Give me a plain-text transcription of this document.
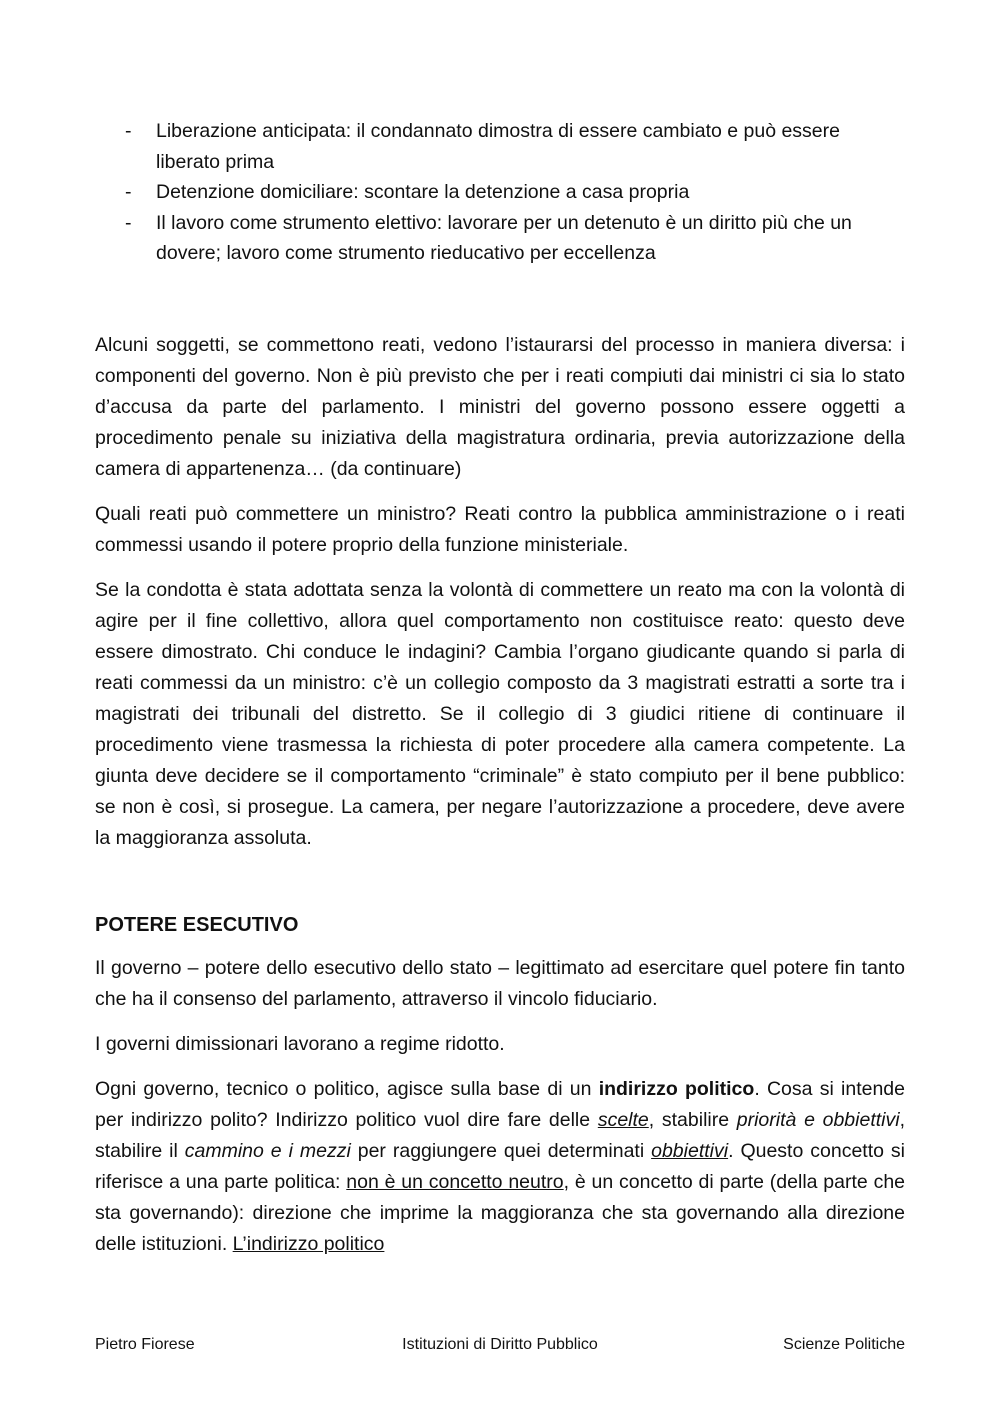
- Liberazione anticipata: il condannato dimostra di essere cambiato e può essere liberato prima
- Detenzione domiciliare: scontare la detenzione a casa propria
- Il lavoro come strumento elettivo: lavorare per un detenuto è un diritto più che un dovere; lavoro come strumento rieducativo per eccellenza

Alcuni soggetti, se commettono reati, vedono l’istaurarsi del processo in maniera diversa: i componenti del governo. Non è più previsto che per i reati compiuti dai ministri ci sia lo stato d’accusa da parte del parlamento. I ministri del governo possono essere oggetti a procedimento penale su iniziativa della magistratura ordinaria, previa autorizzazione della camera di appartenenza… (da continuare)

Quali reati può commettere un ministro? Reati contro la pubblica amministrazione o i reati commessi usando il potere proprio della funzione ministeriale.

Se la condotta è stata adottata senza la volontà di commettere un reato ma con la volontà di agire per il fine collettivo, allora quel comportamento non costituisce reato: questo deve essere dimostrato. Chi conduce le indagini? Cambia l’organo giudicante quando si parla di reati commessi da un ministro: c’è un collegio composto da 3 magistrati estratti a sorte tra i magistrati dei tribunali del distretto. Se il collegio di 3 giudici ritiene di continuare il procedimento viene trasmessa la richiesta di poter procedere alla camera competente. La giunta deve decidere se il comportamento “criminale” è stato compiuto per il bene pubblico: se non è così, si prosegue. La camera, per negare l’autorizzazione a procedere, deve avere la maggioranza assoluta.

POTERE ESECUTIVO

Il governo – potere dello esecutivo dello stato – legittimato ad esercitare quel potere fin tanto che ha il consenso del parlamento, attraverso il vincolo fiduciario.

I governi dimissionari lavorano a regime ridotto.

Ogni governo, tecnico o politico, agisce sulla base di un indirizzo politico. Cosa si intende per indirizzo polito? Indirizzo politico vuol dire fare delle scelte, stabilire priorità e obbiettivi, stabilire il cammino e i mezzi per raggiungere quei determinati obbiettivi. Questo concetto si riferisce a una parte politica: non è un concetto neutro, è un concetto di parte (della parte che sta governando): direzione che imprime la maggioranza che sta governando alla direzione delle istituzioni. L’indirizzo politico

Pietro Fiorese	Istituzioni di Diritto Pubblico	Scienze Politiche
